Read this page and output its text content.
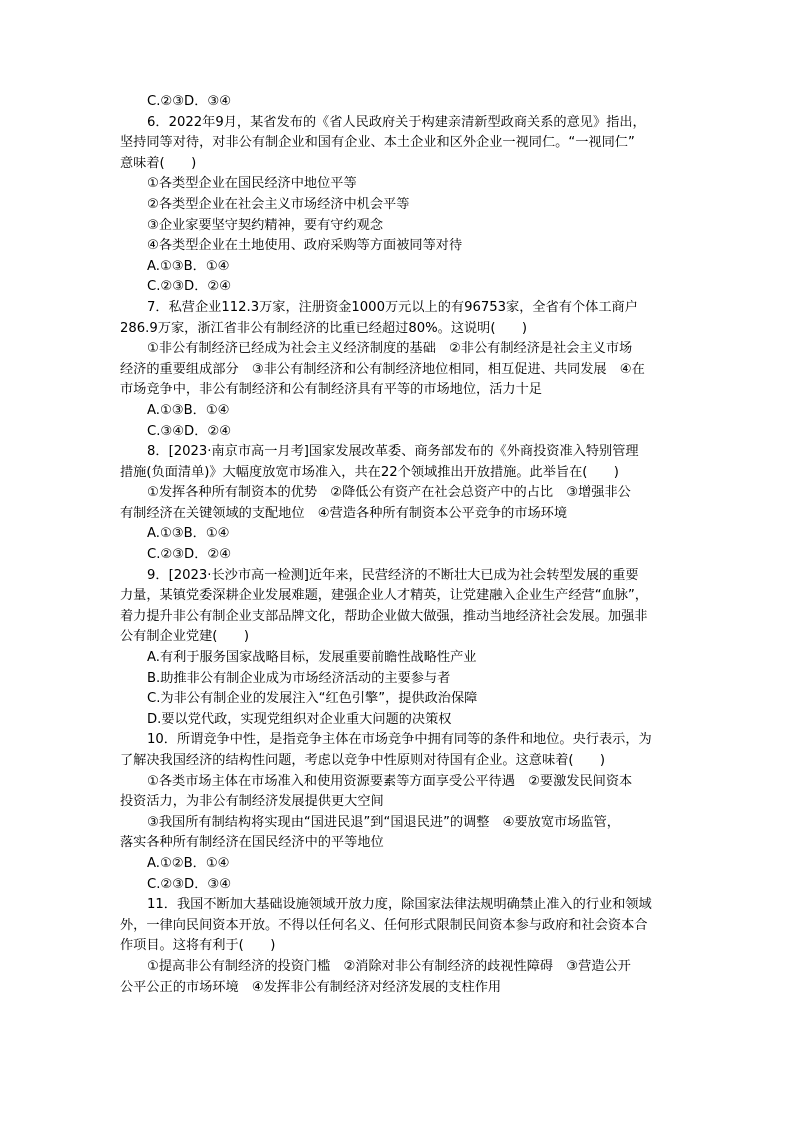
C.②③D．③④
6．2022年9月，某省发布的《省人民政府关于构建亲清新型政商关系的意见》指出，
坚持同等对待，对非公有制企业和国有企业、本土企业和区外企业一视同仁。“一视同仁”
意味着(　　)
①各类型企业在国民经济中地位平等
②各类型企业在社会主义市场经济中机会平等
③企业家要坚守契约精神，要有守约观念
④各类型企业在土地使用、政府采购等方面被同等对待
A.①③B．①④
C.②③D．②④
7．私营企业112.3万家，注册资金1000万元以上的有96753家，全省有个体工商户
286.9万家，浙江省非公有制经济的比重已经超过80%。这说明(　　)
①非公有制经济已经成为社会主义经济制度的基础　②非公有制经济是社会主义市场
经济的重要组成部分　③非公有制经济和公有制经济地位相同，相互促进、共同发展　④在
市场竞争中，非公有制经济和公有制经济具有平等的市场地位，活力十足
A.①③B．①④
C.③④D．②④
8．[2023·南京市高一月考]国家发展改革委、商务部发布的《外商投资准入特别管理
措施(负面清单)》大幅度放宽市场准入，共在22个领域推出开放措施。此举旨在(　　)
①发挥各种所有制资本的优势　②降低公有资产在社会总资产中的占比　③增强非公
有制经济在关键领域的支配地位　④营造各种所有制资本公平竞争的市场环境
A.①③B．①④
C.②③D．②④
9．[2023·长沙市高一检测]近年来，民营经济的不断壮大已成为社会转型发展的重要
力量，某镇党委深耕企业发展难题，建强企业人才精英，让党建融入企业生产经营“血脉”，
着力提升非公有制企业支部品牌文化，帮助企业做大做强，推动当地经济社会发展。加强非
公有制企业党建(　　)
A.有利于服务国家战略目标，发展重要前瞻性战略性产业
B.助推非公有制企业成为市场经济活动的主要参与者
C.为非公有制企业的发展注入“红色引擎”，提供政治保障
D.要以党代政，实现党组织对企业重大问题的决策权
10．所谓竞争中性，是指竞争主体在市场竞争中拥有同等的条件和地位。央行表示，为
了解决我国经济的结构性问题，考虑以竞争中性原则对待国有企业。这意味着(　　)
①各类市场主体在市场准入和使用资源要素等方面享受公平待遇　②要激发民间资本
投资活力，为非公有制经济发展提供更大空间
③我国所有制结构将实现由“国进民退”到“国退民进”的调整　④要放宽市场监管，
落实各种所有制经济在国民经济中的平等地位
A.①②B．①④
C.②③D．③④
11．我国不断加大基础设施领域开放力度，除国家法律法规明确禁止准入的行业和领域
外，一律向民间资本开放。不得以任何名义、任何形式限制民间资本参与政府和社会资本合
作项目。这将有利于(　　)
①提高非公有制经济的投资门槛　②消除对非公有制经济的歧视性障碍　③营造公开
公平公正的市场环境　④发挥非公有制经济对经济发展的支柱作用
